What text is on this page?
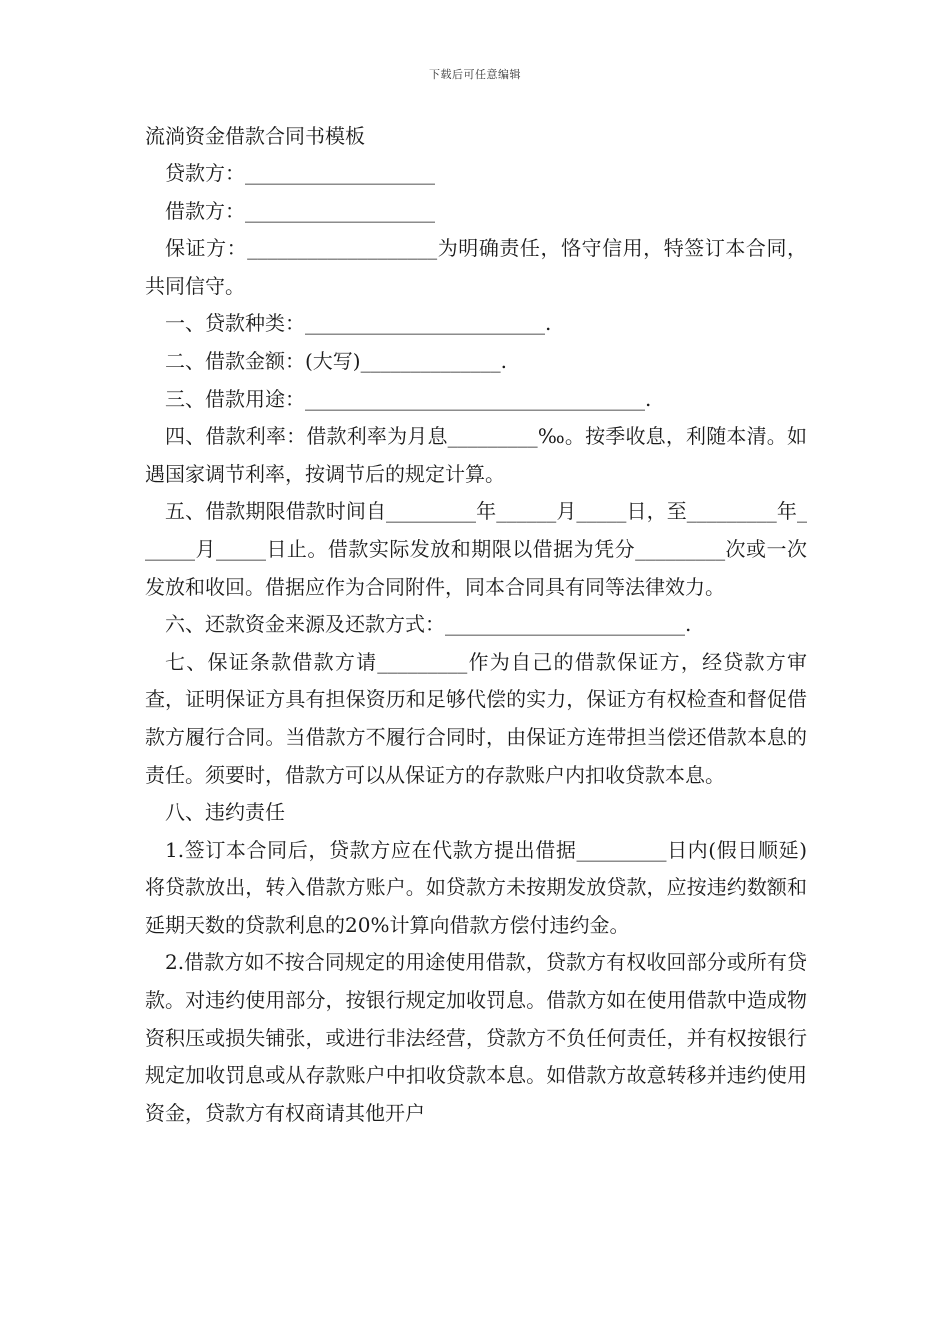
下载后可任意编辑

流淌资金借款合同书模板

贷款方：___________________

借款方：___________________

保证方：___________________为明确责任，恪守信用，特签订本合同，共同信守。

一、贷款种类：________________________.

二、借款金额：(大写)______________.

三、借款用途：__________________________________.

四、借款利率：借款利率为月息_________‰。按季收息，利随本清。如遇国家调节利率，按调节后的规定计算。

五、借款期限借款时间自_________年______月_____日，至_________年______月_____日止。借款实际发放和期限以借据为凭分_________次或一次发放和收回。借据应作为合同附件，同本合同具有同等法律效力。

六、还款资金来源及还款方式：________________________.

七、保证条款借款方请_________作为自己的借款保证方，经贷款方审查，证明保证方具有担保资历和足够代偿的实力，保证方有权检查和督促借款方履行合同。当借款方不履行合同时，由保证方连带担当偿还借款本息的责任。须要时，借款方可以从保证方的存款账户内扣收贷款本息。

八、违约责任

1.签订本合同后，贷款方应在代款方提出借据_________日内(假日顺延)将贷款放出，转入借款方账户。如贷款方未按期发放贷款，应按违约数额和延期天数的贷款利息的20%计算向借款方偿付违约金。

2.借款方如不按合同规定的用途使用借款，贷款方有权收回部分或所有贷款。对违约使用部分，按银行规定加收罚息。借款方如在使用借款中造成物资积压或损失铺张，或进行非法经营，贷款方不负任何责任，并有权按银行规定加收罚息或从存款账户中扣收贷款本息。如借款方故意转移并违约使用资金，贷款方有权商请其他开户
